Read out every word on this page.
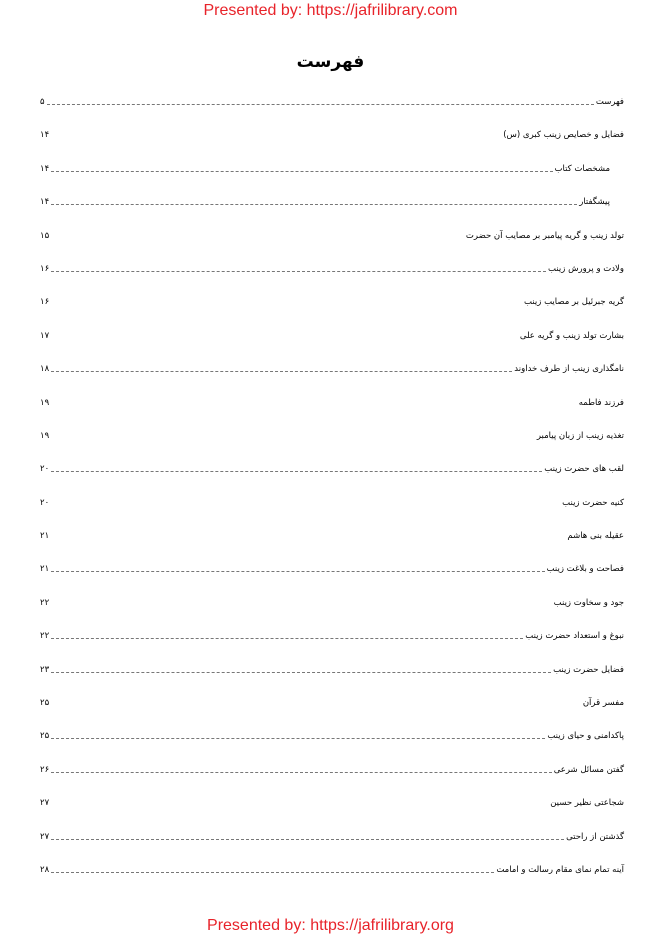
Presented by: https://jafrilibrary.com
فهرست
فهرست
۵
فضایل و خصایص زینب کبری (س)
۱۴
مشخصات کتاب
۱۴
پیشگفتار
۱۴
تولد زینب و گریه پیامبر بر مصایب آن حضرت
۱۵
ولادت و پرورش زینب
۱۶
گریه جبرئیل بر مصایب زینب
۱۶
بشارت تولد زینب و گریه علی
۱۷
نامگذاری زینب از طرف خداوند
۱۸
فرزند فاطمه
۱۹
تغذیه زینب از زبان پیامبر
۱۹
لقب های حضرت زینب
۲۰
کنیه حضرت زینب
۲۰
عقیله بنی هاشم
۲۱
فصاحت و بلاغت زینب
۲۱
جود و سخاوت زینب
۲۲
نبوغ و استعداد حضرت زینب
۲۲
فضایل حضرت زینب
۲۳
مفسر قرآن
۲۵
پاکدامنی و حیای زینب
۲۵
گفتن مسائل شرعی
۲۶
شجاعتی نظیر حسین
۲۷
گذشتن از راحتی
۲۷
آینه تمام نمای مقام رسالت و امامت
۲۸
Presented by: https://jafrilibrary.org
